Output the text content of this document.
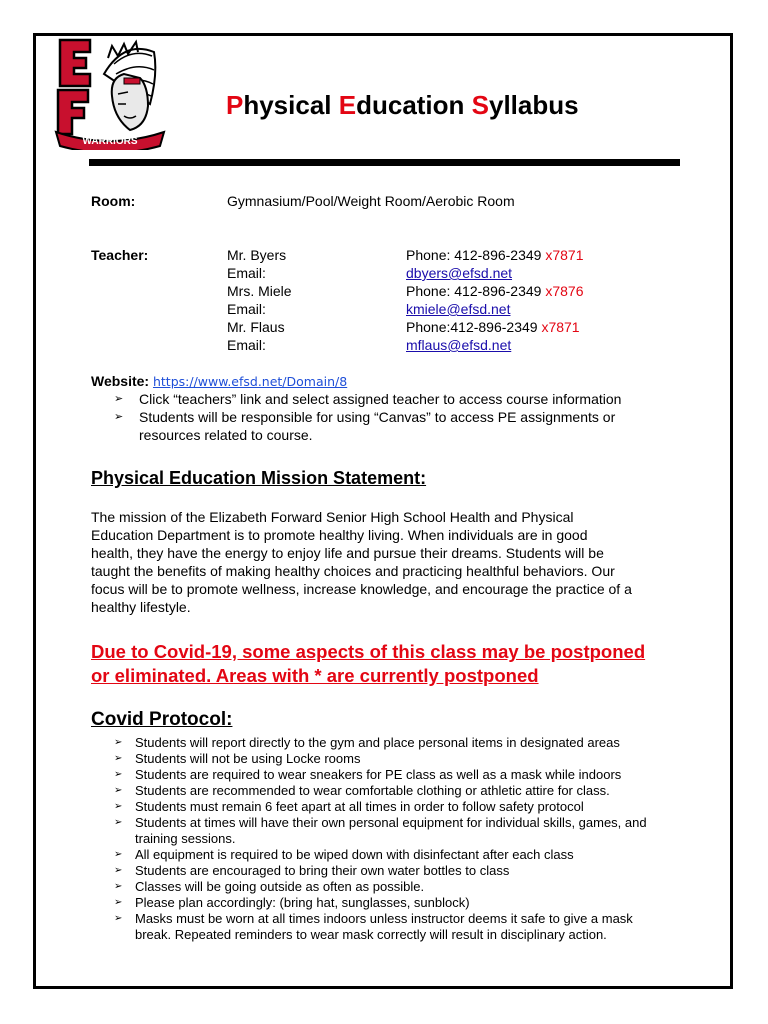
WARRIORS
Physical Education Syllabus
Room:	Gymnasium/Pool/Weight Room/Aerobic Room
Teacher:	Mr. Byers	Phone: 412-896-2349 x7871
Email:	dbyers@efsd.net
Mrs. Miele	Phone: 412-896-2349 x7876
Email:	kmiele@efsd.net
Mr. Flaus	Phone:412-896-2349 x7871
Email:	mflaus@efsd.net
Website: https://www.efsd.net/Domain/8
➢ Click “teachers” link and select assigned teacher to access course information
➢ Students will be responsible for using “Canvas” to access PE assignments or
resources related to course.
Physical Education Mission Statement:
The mission of the Elizabeth Forward Senior High School Health and Physical
Education Department is to promote healthy living. When individuals are in good
health, they have the energy to enjoy life and pursue their dreams. Students will be
taught the benefits of making healthy choices and practicing healthful behaviors. Our
focus will be to promote wellness, increase knowledge, and encourage the practice of a
healthy lifestyle.
Due to Covid-19, some aspects of this class may be postponed
or eliminated. Areas with * are currently postponed
Covid Protocol:
➢ Students will report directly to the gym and place personal items in designated areas
➢ Students will not be using Locke rooms
➢ Students are required to wear sneakers for PE class as well as a mask while indoors
➢ Students are recommended to wear comfortable clothing or athletic attire for class.
➢ Students must remain 6 feet apart at all times in order to follow safety protocol
➢ Students at times will have their own personal equipment for individual skills, games, and
training sessions.
➢ All equipment is required to be wiped down with disinfectant after each class
➢ Students are encouraged to bring their own water bottles to class
➢ Classes will be going outside as often as possible.
➢ Please plan accordingly: (bring hat, sunglasses, sunblock)
➢ Masks must be worn at all times indoors unless instructor deems it safe to give a mask
break. Repeated reminders to wear mask correctly will result in disciplinary action.
